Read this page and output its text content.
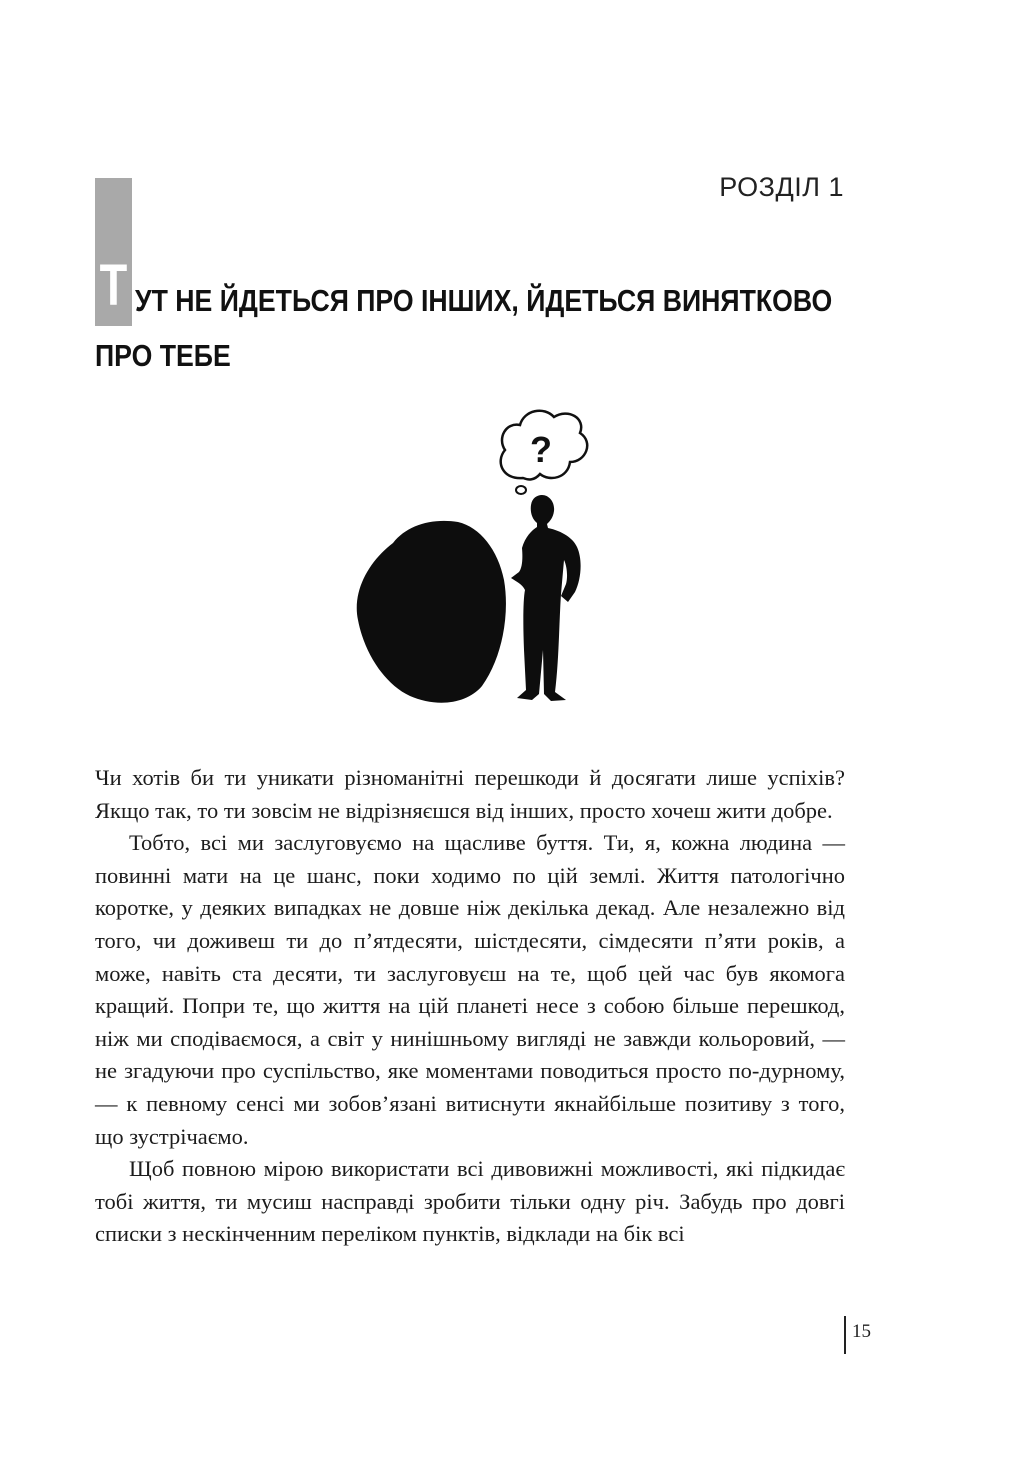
РОЗДІЛ 1
Т УТ НЕ ЙДЕТЬСЯ ПРО ІНШИХ, ЙДЕТЬСЯ ВИНЯТКОВО
ПРО ТЕБЕ
?

Чи хотів би ти уникати різноманітні перешкоди й досягати лише успіхів? Якщо так, то ти зовсім не відрізняєшся від інших, просто хочеш жити добре.

Тобто, всі ми заслуговуємо на щасливе буття. Ти, я, кожна людина — повинні мати на це шанс, поки ходимо по цій землі. Життя патологічно коротке, у деяких випадках не довше ніж декілька декад. Але незалежно від того, чи доживеш ти до п’ятдесяти, шістдесяти, сімдесяти п’яти років, а може, навіть ста десяти, ти заслуговуєш на те, щоб цей час був якомога кращий. Попри те, що життя на цій планеті несе з собою більше перешкод, ніж ми сподіваємося, а світ у нинішньому вигляді не завжди кольоровий, — не згадуючи про суспільство, яке моментами поводиться просто по-дурному, — к певному сенсі ми зобов’язані витиснути якнайбільше позитиву з того, що зустрічаємо.

Щоб повною мірою використати всі дивовижні можливості, які підкидає тобі життя, ти мусиш насправді зробити тільки одну річ. Забудь про довгі списки з нескінченним переліком пунктів, відклади на бік всі

15
